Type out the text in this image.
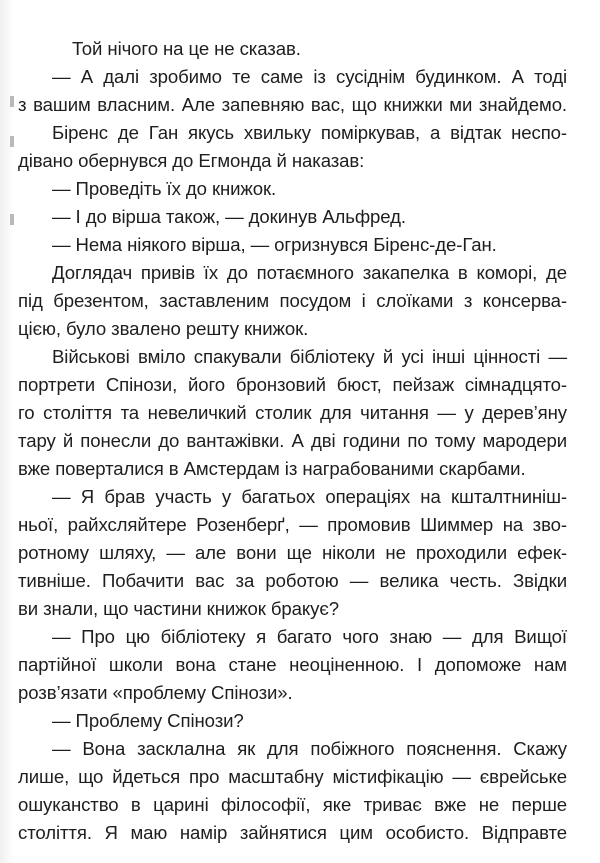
Той нічого на це не сказав.
— А далі зробимо те саме із сусіднім будинком. А тоді
з вашим власним. Але запевняю вас, що книжки ми знайдемо.
Біренс де Ган якусь хвильку поміркував, а відтак неспо-
дівано обернувся до Егмонда й наказав:
— Проведіть їх до книжок.
— І до вірша також, — докинув Альфред.
— Нема ніякого вірша, — огризнувся Біренс-де-Ган.
Доглядач привів їх до потаємного закапелка в коморі, де
під брезентом, заставленим посудом і слоїками з консерва-
цією, було звалено решту книжок.
Військові вміло спакували бібліотеку й усі інші цінності —
портрети Спінози, його бронзовий бюст, пейзаж сімнадцято-
го століття та невеличкий столик для читання — у дерев’яну
тару й понесли до вантажівки. А дві години по тому мародери
вже поверталися в Амстердам із награбованими скарбами.
— Я брав участь у багатьох операціях на кшталтниніш-
ньої, райхсляйтере Розенберґ, — промовив Шиммер на зво-
ротному шляху, — але вони ще ніколи не проходили ефек-
тивніше. Побачити вас за роботою — велика честь. Звідки
ви знали, що частини книжок бракує?
— Про цю бібліотеку я багато чого знаю — для Вищої
партійної школи вона стане неоціненною. І допоможе нам
розв’язати «проблему Спінози».
— Проблему Спінози?
— Вона засклална як для побіжного пояснення. Скажу
лише, що йдеться про масштабну містифікацію — єврейське
ошуканство в царині філософії, яке триває вже не перше
століття. Я маю намір зайнятися цим особисто. Відправте
